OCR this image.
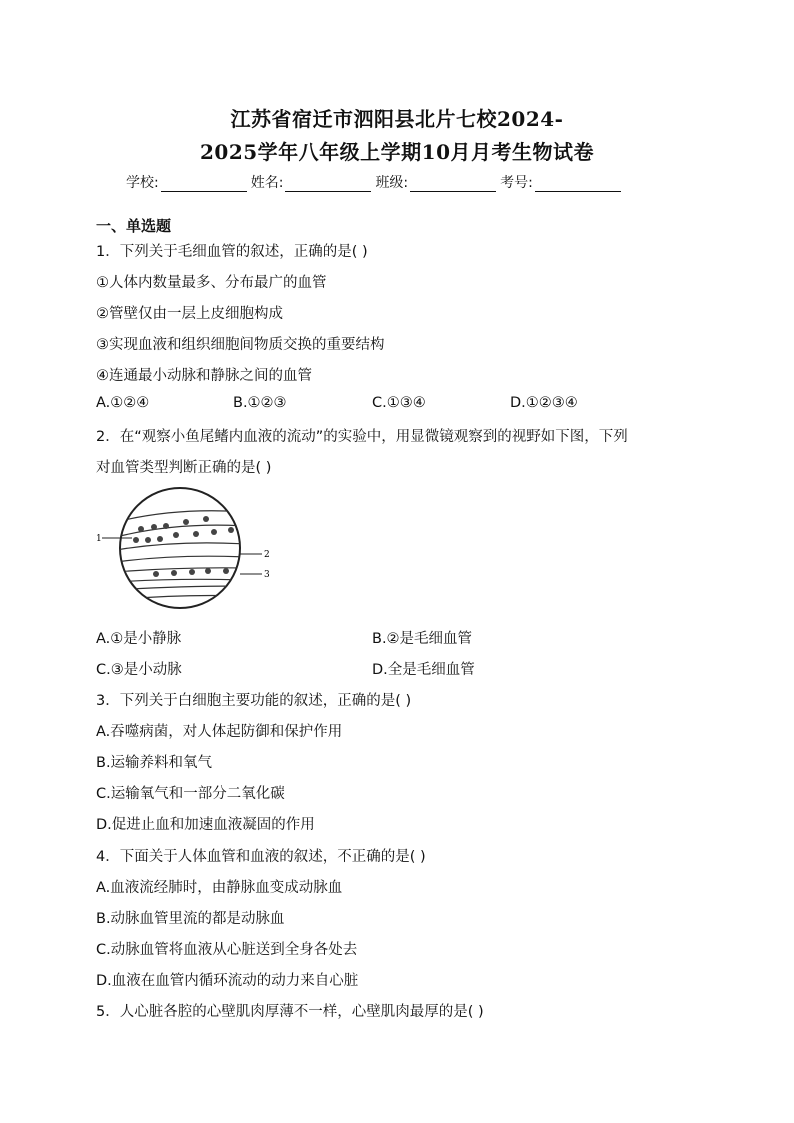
江苏省宿迁市泗阳县北片七校2024-
2025学年八年级上学期10月月考生物试卷
学校:	姓名:	班级:	考号:
一、单选题
1．下列关于毛细血管的叙述，正确的是( )
①人体内数量最多、分布最广的血管
②管壁仅由一层上皮细胞构成
③实现血液和组织细胞间物质交换的重要结构
④连通最小动脉和静脉之间的血管
A.①②④	B.①②③	C.①③④	D.①②③④
2．在“观察小鱼尾鳍内血液的流动”的实验中，用显微镜观察到的视野如下图，下列
对血管类型判断正确的是( )
1
2
3
A.①是小静脉	B.②是毛细血管
C.③是小动脉	D.全是毛细血管
3．下列关于白细胞主要功能的叙述，正确的是( )
A.吞噬病菌，对人体起防御和保护作用
B.运输养料和氧气
C.运输氧气和一部分二氧化碳
D.促进止血和加速血液凝固的作用
4．下面关于人体血管和血液的叙述，不正确的是( )
A.血液流经肺时，由静脉血变成动脉血
B.动脉血管里流的都是动脉血
C.动脉血管将血液从心脏送到全身各处去
D.血液在血管内循环流动的动力来自心脏
5．人心脏各腔的心壁肌肉厚薄不一样，心壁肌肉最厚的是( )
